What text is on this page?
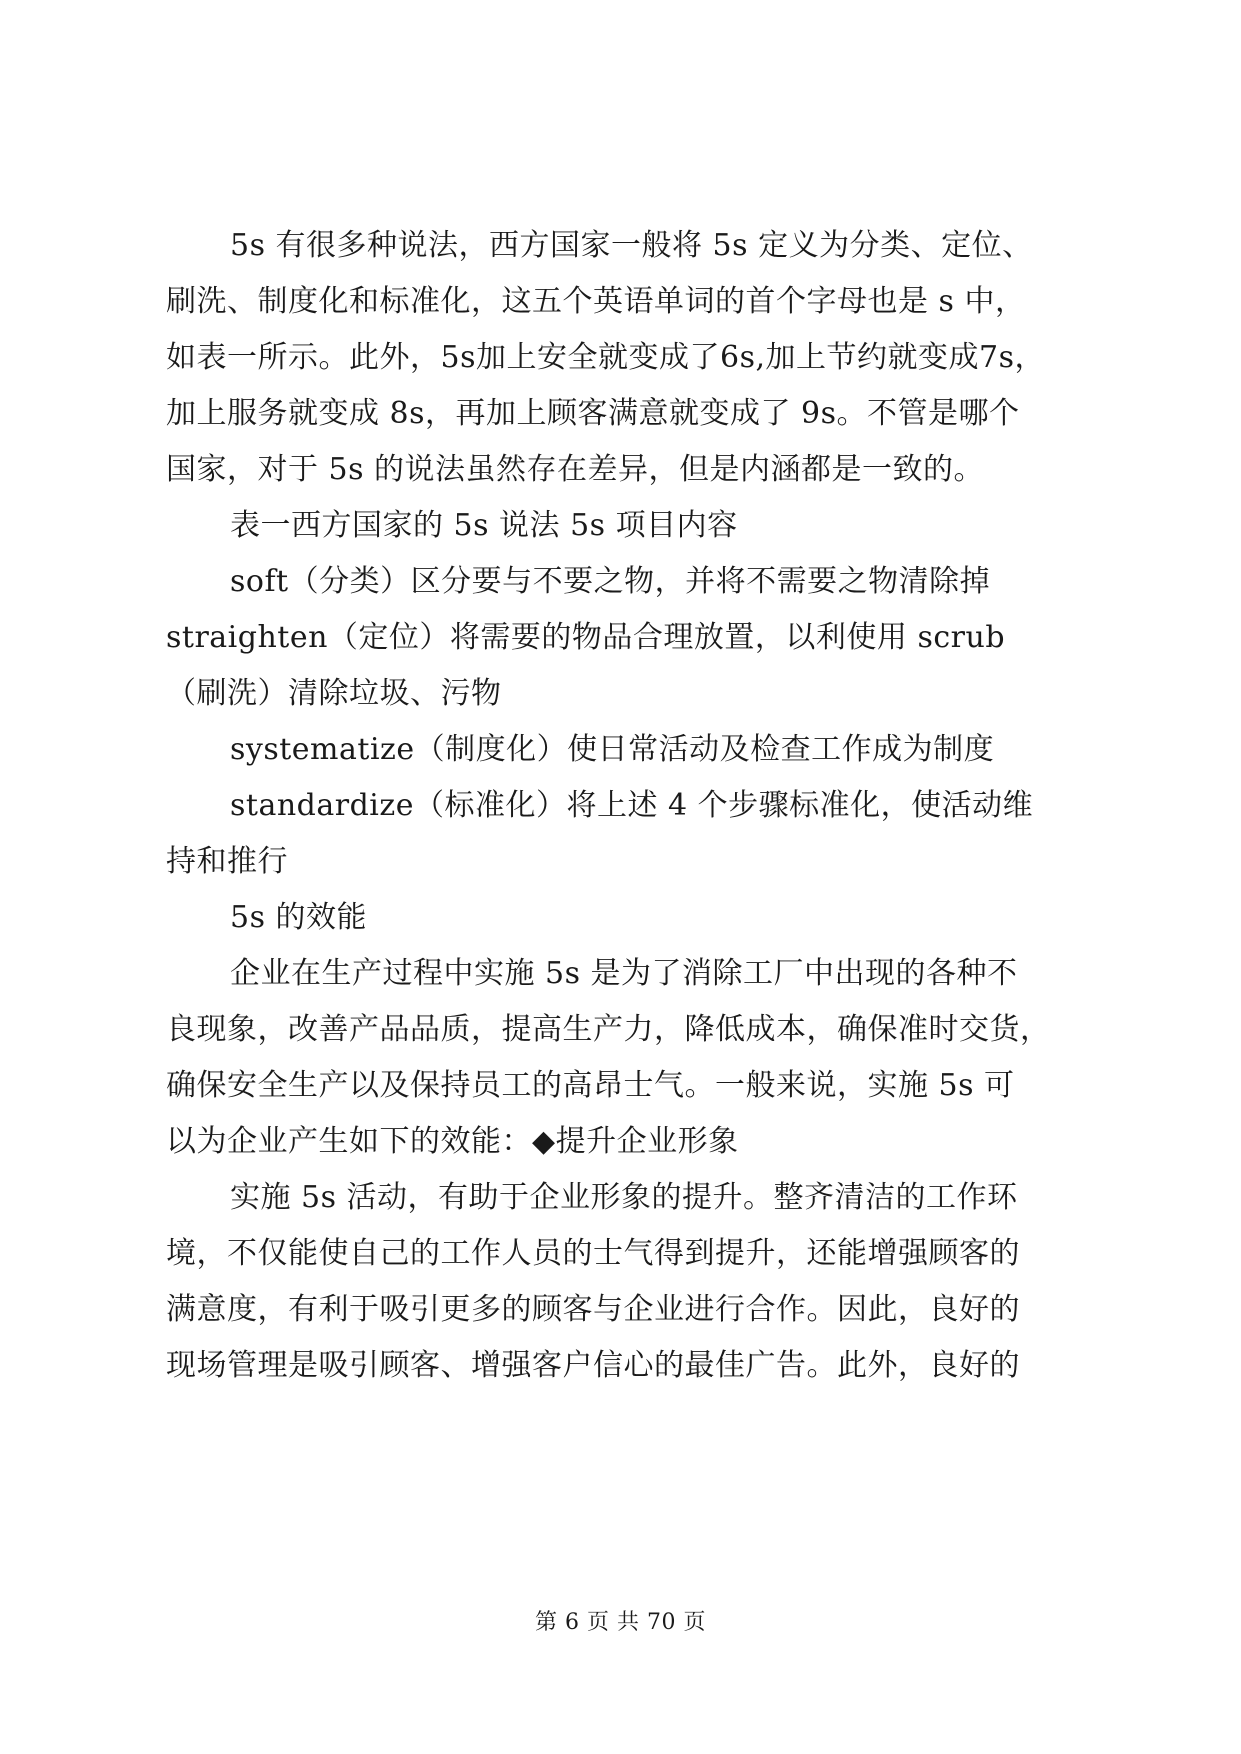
5s 有很多种说法，西方国家一般将 5s 定义为分类、定位、
刷洗、制度化和标准化，这五个英语单词的首个字母也是 s 中，
如表一所示。此外，5s加上安全就变成了6s,加上节约就变成7s，
加上服务就变成 8s，再加上顾客满意就变成了 9s。不管是哪个
国家，对于 5s 的说法虽然存在差异，但是内涵都是一致的。
表一西方国家的 5s 说法 5s 项目内容
soft（分类）区分要与不要之物，并将不需要之物清除掉
straighten（定位）将需要的物品合理放置，以利使用 scrub
（刷洗）清除垃圾、污物
systematize（制度化）使日常活动及检查工作成为制度
standardize（标准化）将上述 4 个步骤标准化，使活动维
持和推行
5s 的效能
企业在生产过程中实施 5s 是为了消除工厂中出现的各种不
良现象，改善产品品质，提高生产力，降低成本，确保准时交货，
确保安全生产以及保持员工的高昂士气。一般来说，实施 5s 可
以为企业产生如下的效能：◆提升企业形象
实施 5s 活动，有助于企业形象的提升。整齐清洁的工作环
境，不仅能使自己的工作人员的士气得到提升，还能增强顾客的
满意度，有利于吸引更多的顾客与企业进行合作。因此，良好的
现场管理是吸引顾客、增强客户信心的最佳广告。此外，良好的
第 6 页 共 70 页
